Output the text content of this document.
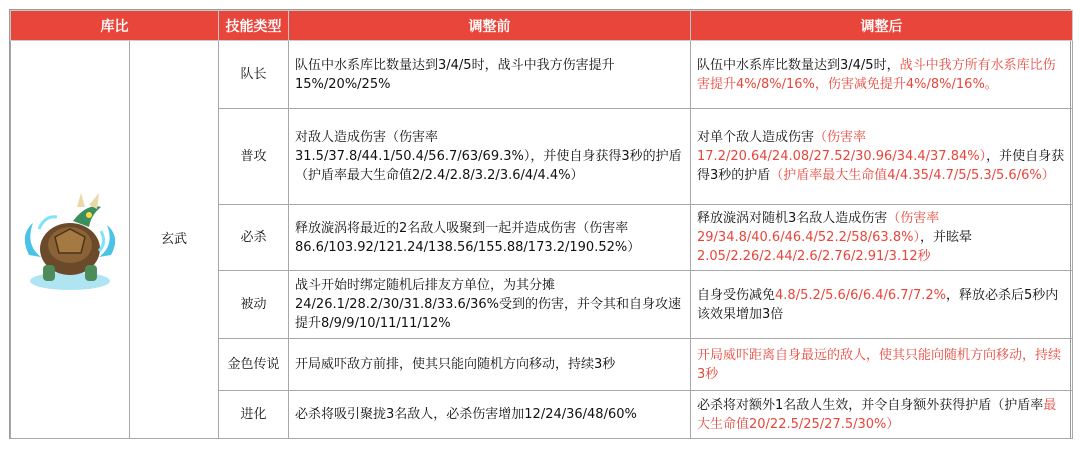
库比		技能类型	调整前	调整后

	玄武	队长	队伍中水系库比数量达到3/4/5时，战斗中我方伤害提升15%/20%/25%	队伍中水系库比数量达到3/4/5时，战斗中我方所有水系库比伤害提升4%/8%/16%，伤害减免提升4%/8%/16%。
		普攻	对敌人造成伤害（伤害率31.5/37.8/44.1/50.4/56.7/63/69.3%），并使自身获得3秒的护盾（护盾率最大生命值2/2.4/2.8/3.2/3.6/4/4.4%）	对单个敌人造成伤害（伤害率17.2/20.64/24.08/27.52/30.96/34.4/37.84%），并使自身获得3秒的护盾（护盾率最大生命值4/4.35/4.7/5/5.3/5.6/6%）
		必杀	释放漩涡将最近的2名敌人吸聚到一起并造成伤害（伤害率86.6/103.92/121.24/138.56/155.88/173.2/190.52%）	释放漩涡对随机3名敌人造成伤害（伤害率29/34.8/40.6/46.4/52.2/58/63.8%），并眩晕2.05/2.26/2.44/2.6/2.76/2.91/3.12秒
		被动	战斗开始时绑定随机后排友方单位，为其分摊24/26.1/28.2/30/31.8/33.6/36%受到的伤害，并令其和自身攻速提升8/9/9/10/11/11/12%	自身受伤减免4.8/5.2/5.6/6/6.4/6.7/7.2%，释放必杀后5秒内该效果增加3倍
		金色传说	开局威吓敌方前排，使其只能向随机方向移动，持续3秒	开局威吓距离自身最远的敌人，使其只能向随机方向移动，持续3秒
		进化	必杀将吸引聚拢3名敌人，必杀伤害增加12/24/36/48/60%	必杀将对额外1名敌人生效，并令自身额外获得护盾（护盾率最大生命值20/22.5/25/27.5/30%）
